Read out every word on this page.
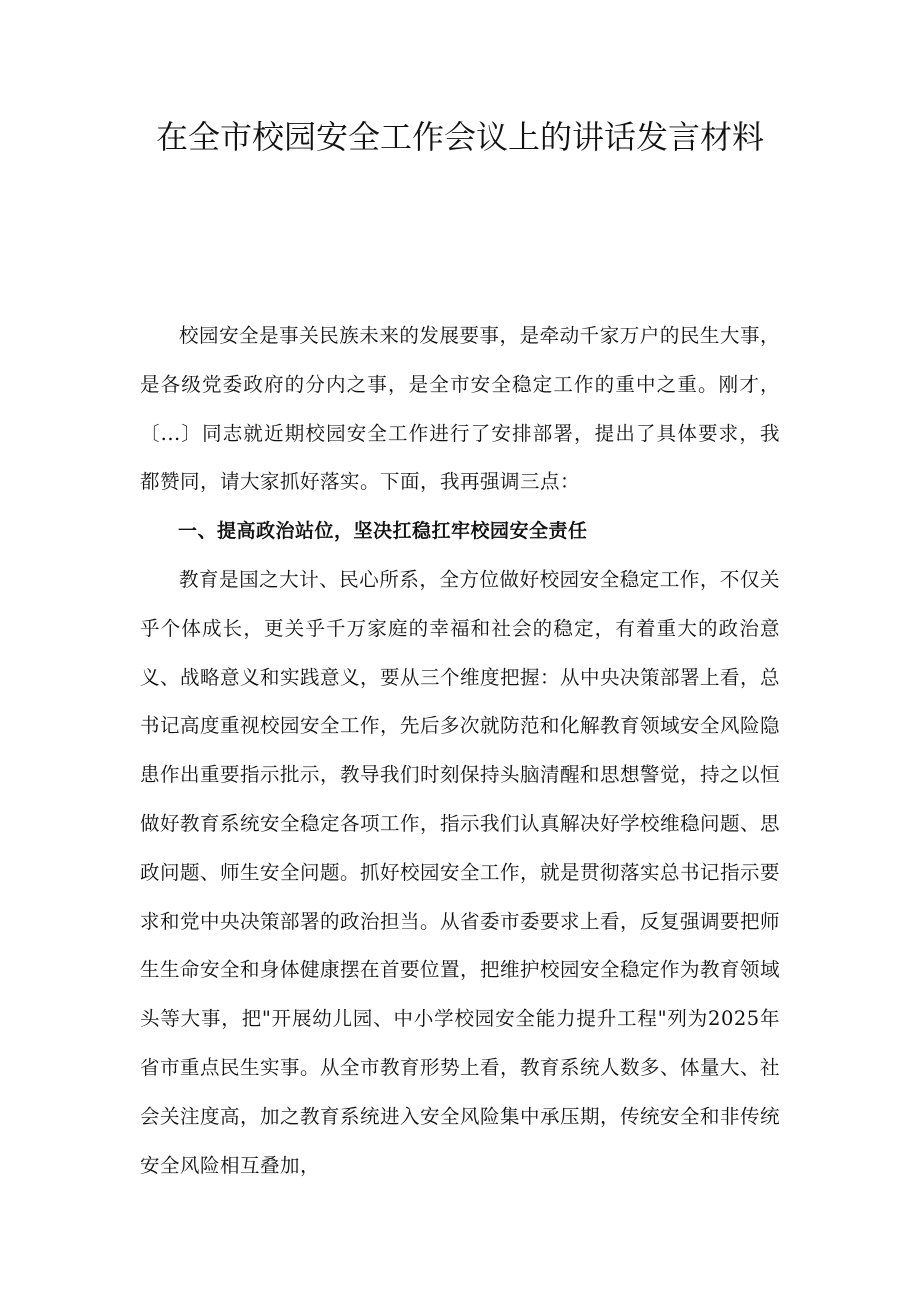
在全市校园安全工作会议上的讲话发言材料

校园安全是事关民族未来的发展要事，是牵动千家万户的民生大事，是各级党委政府的分内之事，是全市安全稳定工作的重中之重。刚才，〔...〕同志就近期校园安全工作进行了安排部署，提出了具体要求，我都赞同，请大家抓好落实。下面，我再强调三点：

一、提高政治站位，坚决扛稳扛牢校园安全责任

教育是国之大计、民心所系，全方位做好校园安全稳定工作，不仅关乎个体成长，更关乎千万家庭的幸福和社会的稳定，有着重大的政治意义、战略意义和实践意义，要从三个维度把握：从中央决策部署上看，总书记高度重视校园安全工作，先后多次就防范和化解教育领域安全风险隐患作出重要指示批示，教导我们时刻保持头脑清醒和思想警觉，持之以恒做好教育系统安全稳定各项工作，指示我们认真解决好学校维稳问题、思政问题、师生安全问题。抓好校园安全工作，就是贯彻落实总书记指示要求和党中央决策部署的政治担当。从省委市委要求上看，反复强调要把师生生命安全和身体健康摆在首要位置，把维护校园安全稳定作为教育领域头等大事，把"开展幼儿园、中小学校园安全能力提升工程"列为2025年省市重点民生实事。从全市教育形势上看，教育系统人数多、体量大、社会关注度高，加之教育系统进入安全风险集中承压期，传统安全和非传统安全风险相互叠加，
